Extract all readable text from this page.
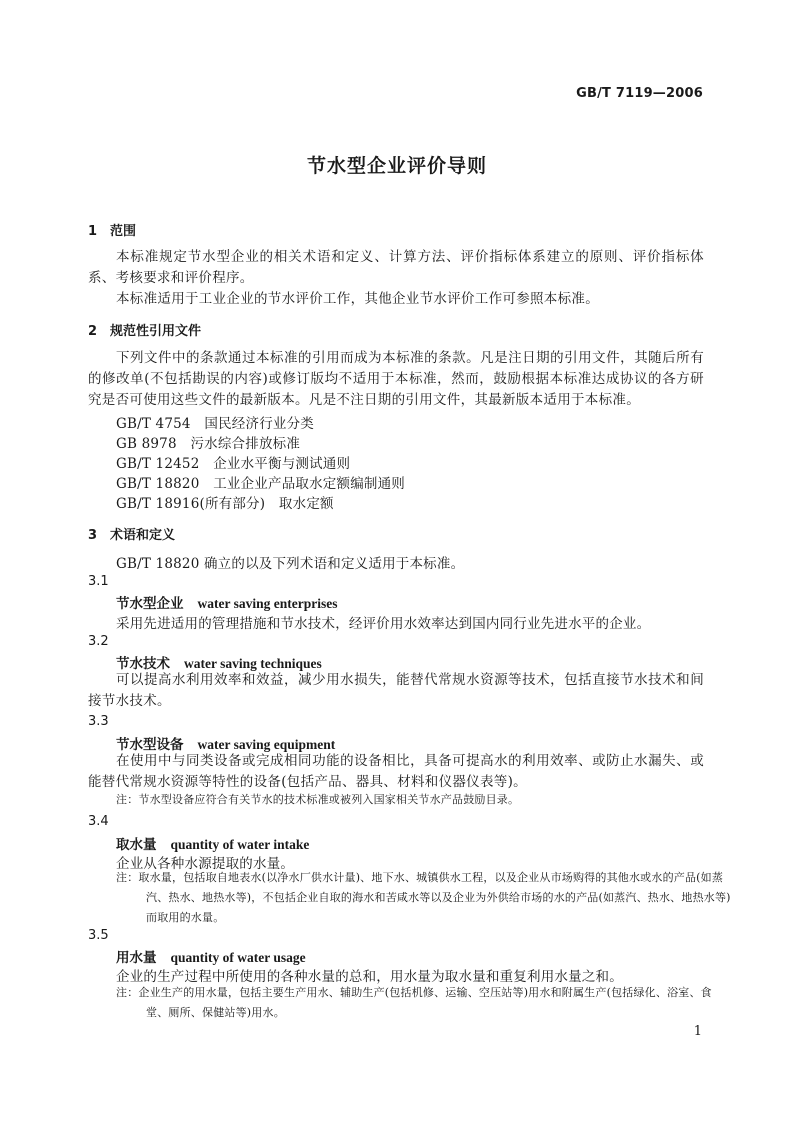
GB/T 7119—2006
节水型企业评价导则
1 范围
本标准规定节水型企业的相关术语和定义、计算方法、评价指标体系建立的原则、评价指标体系、考核要求和评价程序。
本标准适用于工业企业的节水评价工作，其他企业节水评价工作可参照本标准。
2 规范性引用文件
下列文件中的条款通过本标准的引用而成为本标准的条款。凡是注日期的引用文件，其随后所有的修改单(不包括勘误的内容)或修订版均不适用于本标准，然而，鼓励根据本标准达成协议的各方研究是否可使用这些文件的最新版本。凡是不注日期的引用文件，其最新版本适用于本标准。
GB/T 4754　国民经济行业分类
GB 8978　污水综合排放标准
GB/T 12452　企业水平衡与测试通则
GB/T 18820　工业企业产品取水定额编制通则
GB/T 18916(所有部分)　取水定额
3 术语和定义
GB/T 18820 确立的以及下列术语和定义适用于本标准。
3.1
节水型企业 water saving enterprises
采用先进适用的管理措施和节水技术，经评价用水效率达到国内同行业先进水平的企业。
3.2
节水技术 water saving techniques
可以提高水利用效率和效益，减少用水损失，能替代常规水资源等技术，包括直接节水技术和间接节水技术。
3.3
节水型设备 water saving equipment
在使用中与同类设备或完成相同功能的设备相比，具备可提高水的利用效率、或防止水漏失、或能替代常规水资源等特性的设备(包括产品、器具、材料和仪器仪表等)。
注：节水型设备应符合有关节水的技术标准或被列入国家相关节水产品鼓励目录。
3.4
取水量 quantity of water intake
企业从各种水源提取的水量。
注：取水量，包括取自地表水(以净水厂供水计量)、地下水、城镇供水工程，以及企业从市场购得的其他水或水的产品(如蒸汽、热水、地热水等)，不包括企业自取的海水和苦咸水等以及企业为外供给市场的水的产品(如蒸汽、热水、地热水等)而取用的水量。
3.5
用水量 quantity of water usage
企业的生产过程中所使用的各种水量的总和，用水量为取水量和重复利用水量之和。
注：企业生产的用水量，包括主要生产用水、辅助生产(包括机修、运输、空压站等)用水和附属生产(包括绿化、浴室、食堂、厕所、保健站等)用水。
1
